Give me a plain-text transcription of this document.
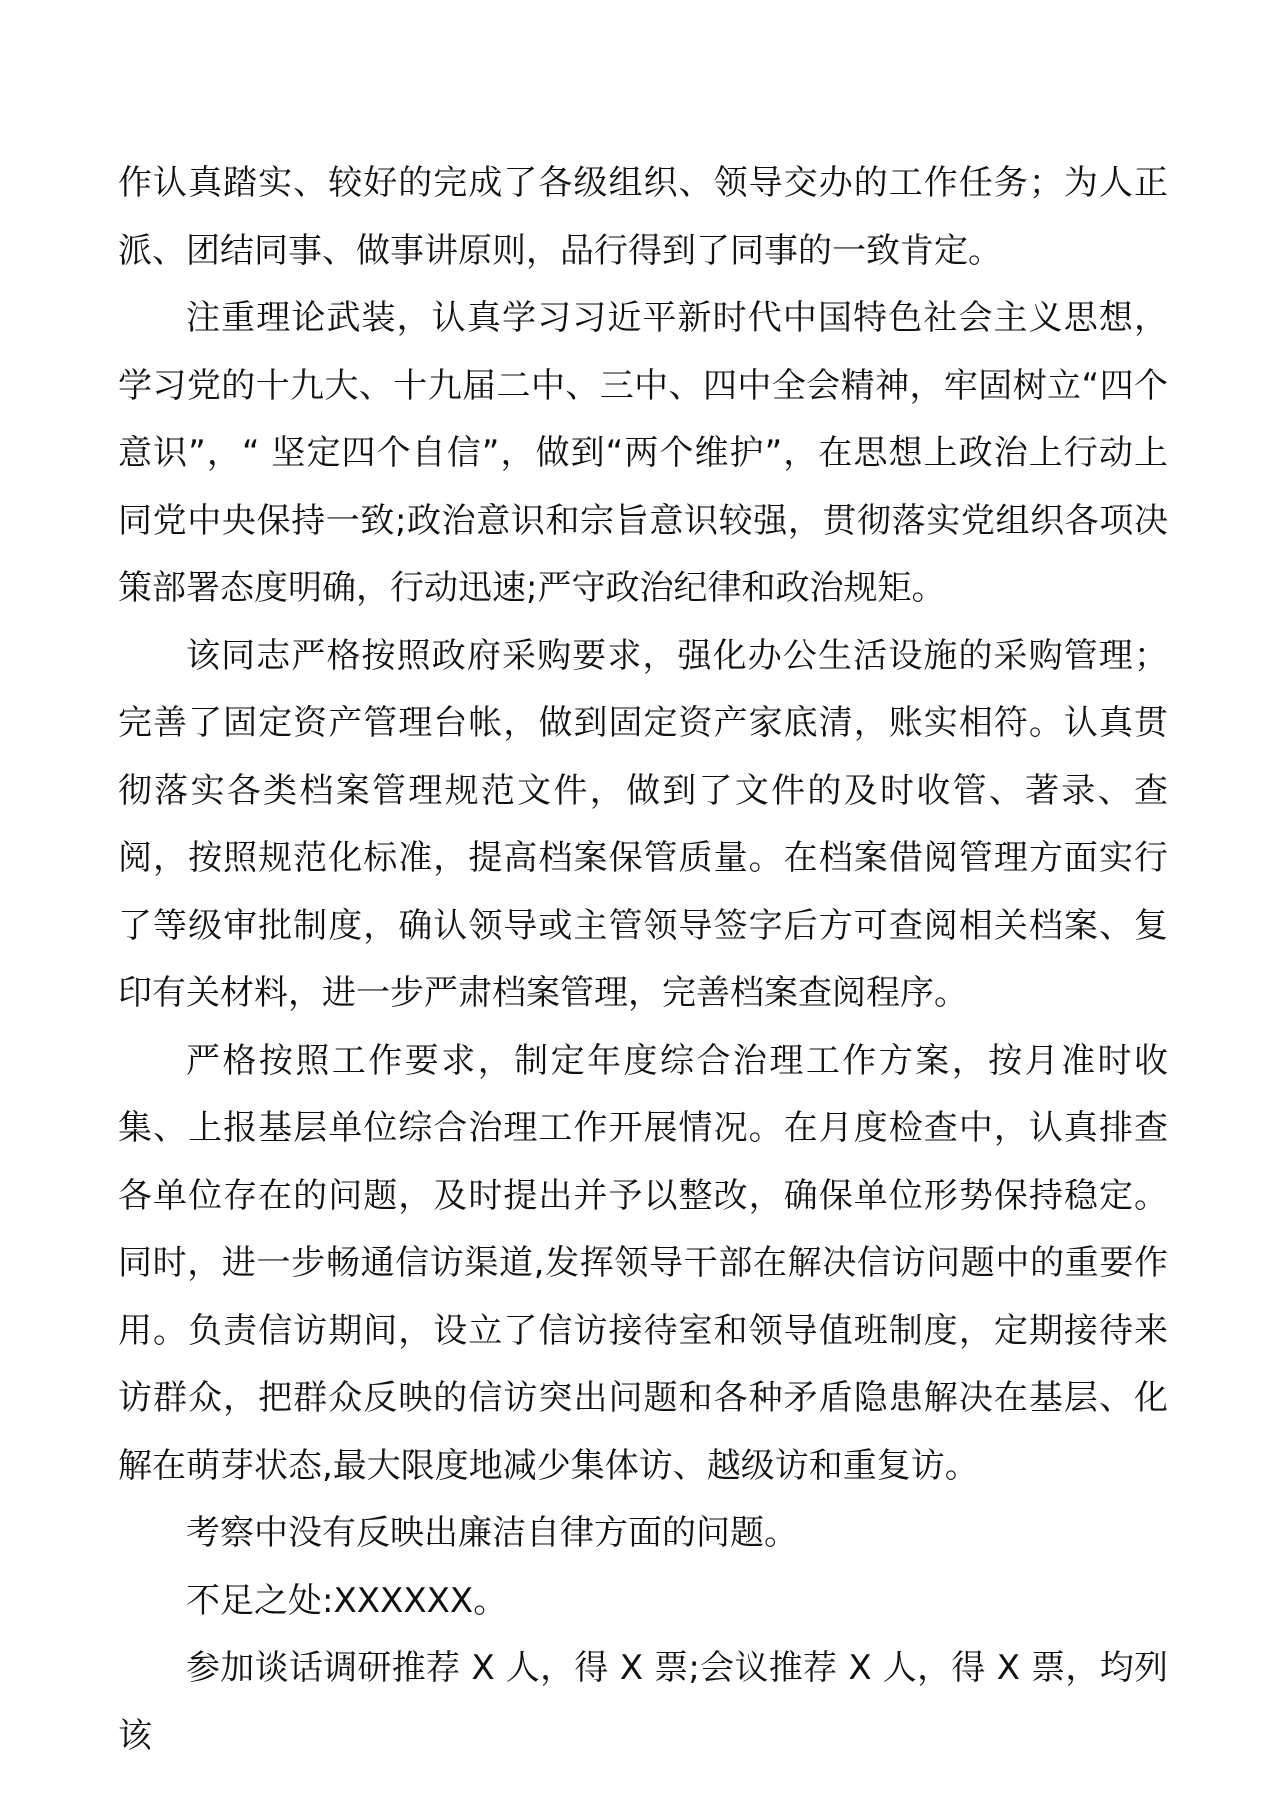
作认真踏实、较好的完成了各级组织、领导交办的工作任务；为人正派、团结同事、做事讲原则，品行得到了同事的一致肯定。

注重理论武装，认真学习习近平新时代中国特色社会主义思想，学习党的十九大、十九届二中、三中、四中全会精神，牢固树立“四个意识”，“ 坚定四个自信”，做到“两个维护”，在思想上政治上行动上同党中央保持一致;政治意识和宗旨意识较强，贯彻落实党组织各项决策部署态度明确，行动迅速;严守政治纪律和政治规矩。

该同志严格按照政府采购要求，强化办公生活设施的采购管理；完善了固定资产管理台帐，做到固定资产家底清，账实相符。认真贯彻落实各类档案管理规范文件，做到了文件的及时收管、著录、查阅，按照规范化标准，提高档案保管质量。在档案借阅管理方面实行了等级审批制度，确认领导或主管领导签字后方可查阅相关档案、复印有关材料，进一步严肃档案管理，完善档案查阅程序。

严格按照工作要求，制定年度综合治理工作方案，按月准时收集、上报基层单位综合治理工作开展情况。在月度检查中，认真排查各单位存在的问题，及时提出并予以整改，确保单位形势保持稳定。同时，进一步畅通信访渠道,发挥领导干部在解决信访问题中的重要作用。负责信访期间，设立了信访接待室和领导值班制度，定期接待来访群众，把群众反映的信访突出问题和各种矛盾隐患解决在基层、化解在萌芽状态,最大限度地减少集体访、越级访和重复访。

考察中没有反映出廉洁自律方面的问题。

不足之处:XXXXXX。

参加谈话调研推荐 X 人，得 X 票;会议推荐 X 人，得 X 票，均列该
